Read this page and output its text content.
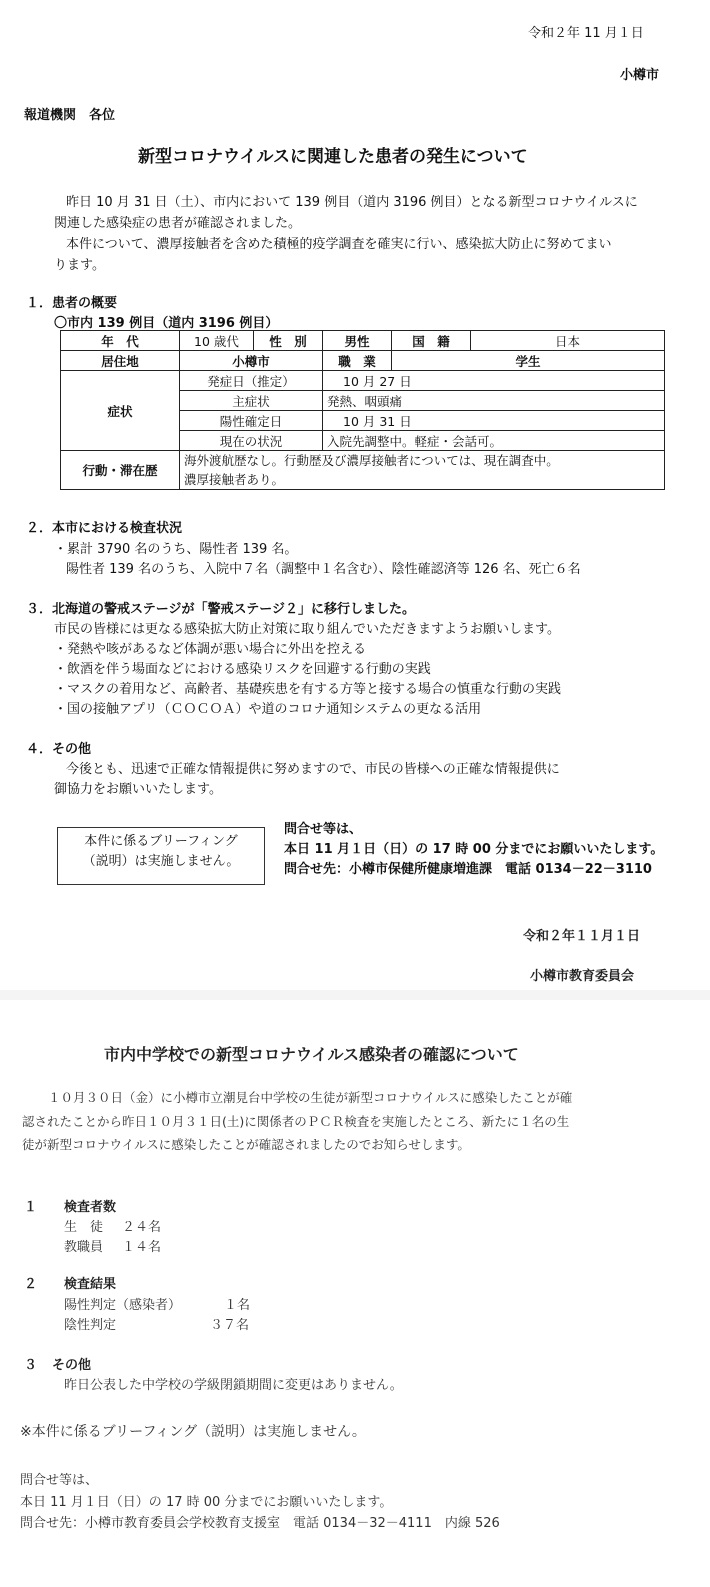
令和２年 11 月１日
小樽市
報道機関　各位
新型コロナウイルスに関連した患者の発生について
昨日 10 月 31 日（土）、市内において 139 例目（道内 3196 例目）となる新型コロナウイルスに
関連した感染症の患者が確認されました。
本件について、濃厚接触者を含めた積極的疫学調査を確実に行い、感染拡大防止に努めてまい
ります。
１．患者の概要
〇市内 139 例目（道内 3196 例目）
年　代	10 歳代	性　別	男性	国　籍	日本
居住地	小樽市		職　業	学生	
症状	発症日（推定）		10 月 27 日		
	主症状		発熱、咽頭痛		
	陽性確定日		10 月 31 日		
	現在の状況		入院先調整中。軽症・会話可。		
行動・滞在歴	海外渡航歴なし。行動歴及び濃厚接触者については、現在調査中。
濃厚接触者あり。				
２．本市における検査状況
・累計 3790 名のうち、陽性者 139 名。
陽性者 139 名のうち、入院中７名（調整中１名含む）、陰性確認済等 126 名、死亡６名
３．北海道の警戒ステージが「警戒ステージ２」に移行しました。
市民の皆様には更なる感染拡大防止対策に取り組んでいただきますようお願いします。
・発熱や咳があるなど体調が悪い場合に外出を控える
・飲酒を伴う場面などにおける感染リスクを回避する行動の実践
・マスクの着用など、高齢者、基礎疾患を有する方等と接する場合の慎重な行動の実践
・国の接触アプリ（ＣＯＣＯＡ）や道のコロナ通知システムの更なる活用
４．その他
今後とも、迅速で正確な情報提供に努めますので、市民の皆様への正確な情報提供に
御協力をお願いいたします。
本件に係るブリーフィング
（説明）は実施しません。
問合せ等は、
本日 11 月１日（日）の 17 時 00 分までにお願いいたします。
問合せ先：小樽市保健所健康増進課　電話 0134－22－3110
令和２年１１月１日
小樽市教育委員会
市内中学校での新型コロナウイルス感染者の確認について
１０月３０日（金）に小樽市立潮見台中学校の生徒が新型コロナウイルスに感染したことが確
認されたことから昨日１０月３１日(土)に関係者のＰＣＲ検査を実施したところ、新たに１名の生
徒が新型コロナウイルスに感染したことが確認されましたのでお知らせします。
１ 検査者数
生　徒 ２４名
教職員 １４名
２ 検査結果
陽性判定（感染者）	１名
陰性判定	３７名
３ その他
昨日公表した中学校の学級閉鎖期間に変更はありません。
※本件に係るブリーフィング（説明）は実施しません。
問合せ等は、
本日 11 月１日（日）の 17 時 00 分までにお願いいたします。
問合せ先：小樽市教育委員会学校教育支援室　電話 0134－32－4111　内線 526
